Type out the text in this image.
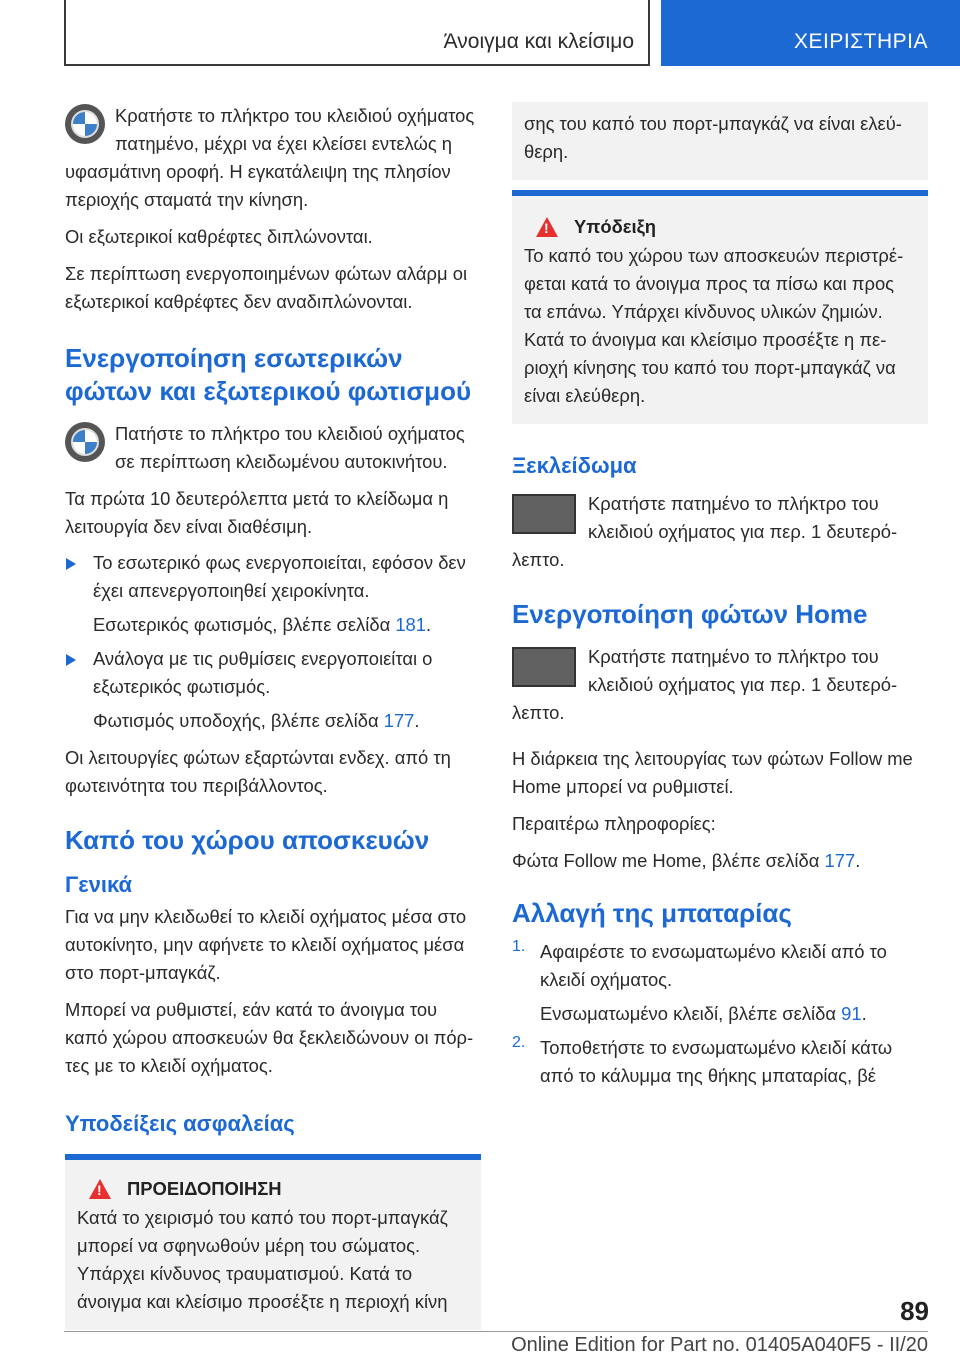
Άνοιγμα και κλείσιμο	ΧΕΙΡΙΣΤΗΡΙΑ

Κρατήστε το πλήκτρο του κλειδιού οχήματος πατημένο, μέχρι να έχει κλείσει εντελώς η υφασμάτινη οροφή. Η εγκατάλειψη της πλησίον περιοχής σταματά την κίνηση.

Οι εξωτερικοί καθρέφτες διπλώνονται.

Σε περίπτωση ενεργοποιημένων φώτων αλάρμ οι εξωτερικοί καθρέφτες δεν αναδιπλώνονται.

Ενεργοποίηση εσωτερικών φώτων και εξωτερικού φωτισμού

Πατήστε το πλήκτρο του κλειδιού οχήματος σε περίπτωση κλειδωμένου αυτοκινήτου.

Τα πρώτα 10 δευτερόλεπτα μετά το κλείδωμα η λειτουργία δεν είναι διαθέσιμη.

Το εσωτερικό φως ενεργοποιείται, εφόσον δεν έχει απενεργοποιηθεί χειροκίνητα.

Εσωτερικός φωτισμός, βλέπε σελίδα 181.

Ανάλογα με τις ρυθμίσεις ενεργοποιείται ο εξωτερικός φωτισμός.

Φωτισμός υποδοχής, βλέπε σελίδα 177.

Οι λειτουργίες φώτων εξαρτώνται ενδεχ. από τη φωτεινότητα του περιβάλλοντος.

Καπό του χώρου αποσκευών
Γενικά

Για να μην κλειδωθεί το κλειδί οχήματος μέσα στο αυτοκίνητο, μην αφήνετε το κλειδί οχήματος μέσα στο πορτ-μπαγκάζ.

Μπορεί να ρυθμιστεί, εάν κατά το άνοιγμα του καπό χώρου αποσκευών θα ξεκλειδώνουν οι πόρτες με το κλειδί οχήματος.

Υποδείξεις ασφαλείας
!
ΠΡΟΕΙΔΟΠΟΙΗΣΗ

Κατά το χειρισμό του καπό του πορτ-μπαγκάζ μπορεί να σφηνωθούν μέρη του σώματος. Υπάρχει κίνδυνος τραυματισμού. Κατά το άνοιγμα και κλείσιμο προσέξτε η περιοχή κίνη

σης του καπό του πορτ-μπαγκάζ να είναι ελεύθερη.

!
Υπόδειξη

Το καπό του χώρου των αποσκευών περιστρέφεται κατά το άνοιγμα προς τα πίσω και προς τα επάνω. Υπάρχει κίνδυνος υλικών ζημιών. Κατά το άνοιγμα και κλείσιμο προσέξτε η περιοχή κίνησης του καπό του πορτ-μπαγκάζ να είναι ελεύθερη.

Ξεκλείδωμα

Κρατήστε πατημένο το πλήκτρο του κλειδιού οχήματος για περ. 1 δευτερόλεπτο.

Ενεργοποίηση φώτων Home

Κρατήστε πατημένο το πλήκτρο του κλειδιού οχήματος για περ. 1 δευτερόλεπτο.

Η διάρκεια της λειτουργίας των φώτων Follow me Home μπορεί να ρυθμιστεί.

Περαιτέρω πληροφορίες:

Φώτα Follow me Home, βλέπε σελίδα 177.

Αλλαγή της μπαταρίας
1. Αφαιρέστε το ενσωματωμένο κλειδί από το κλειδί οχήματος.

Ενσωματωμένο κλειδί, βλέπε σελίδα 91.

2. Τοποθετήστε το ενσωματωμένο κλειδί κάτω από το κάλυμμα της θήκης μπαταρίας, βέ

89
Online Edition for Part no. 01405A040F5 - II/20
